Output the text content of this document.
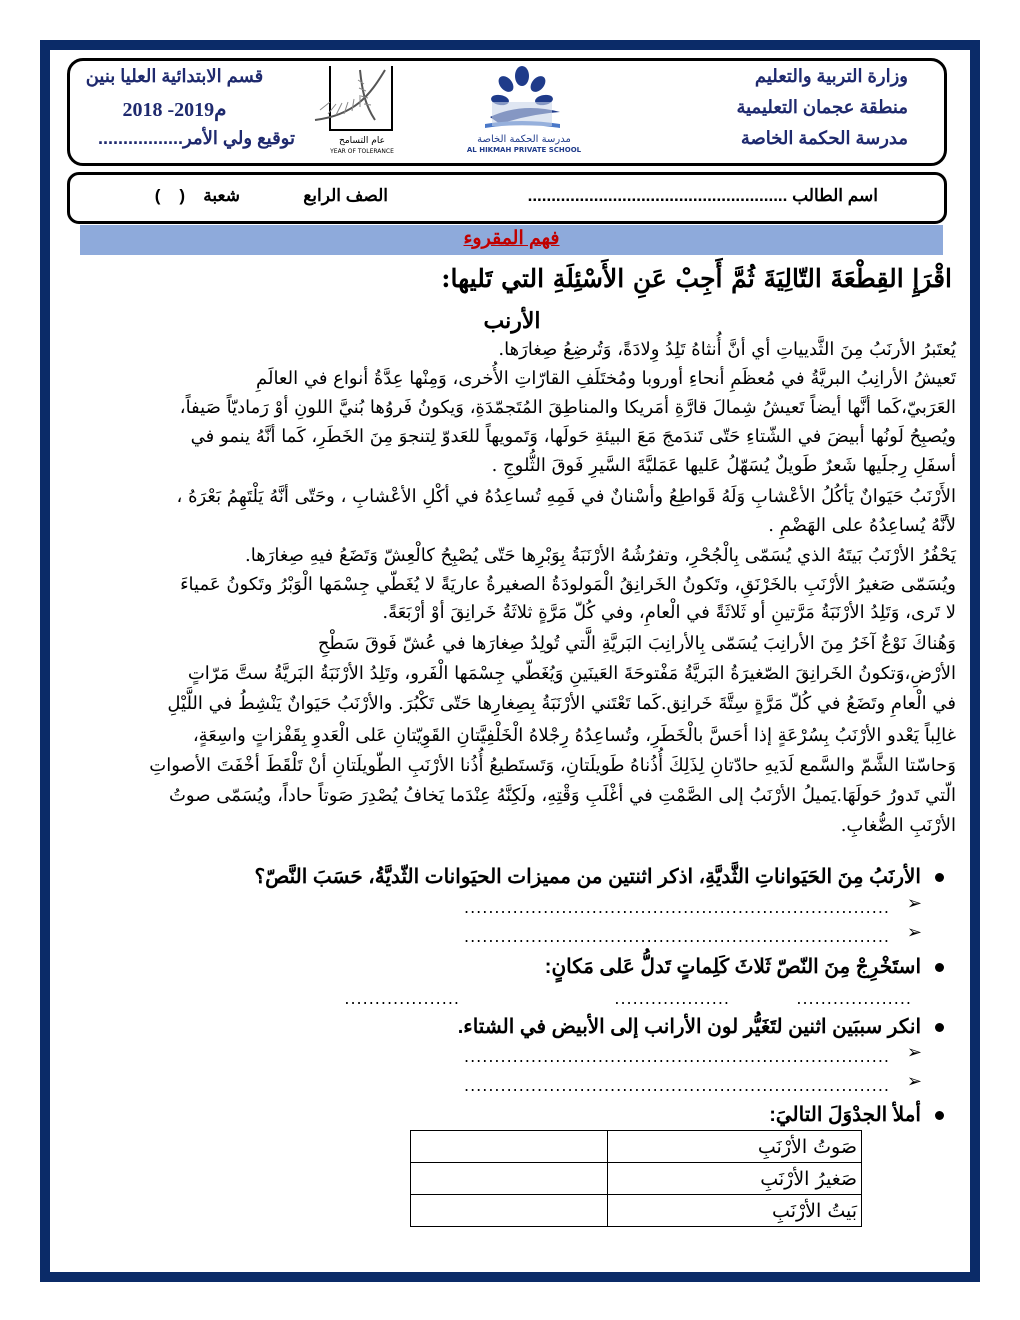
وزارة التربية والتعليم
منطقة عجمان التعليمية
مدرسة الحكمة الخاصة
قسم الابتدائية العليا بنين
2018 -2019م
توقيع ولي الأمر.................	عام التسامح
YEAR OF TOLERANCE
مدرسة الحكمة الخاصة
AL HIKMAH PRIVATE SCHOOL
اسم الطالب .......................................................
الصف الرابع
شعبة
(    )
فهم المقروء
اقْرَإِ القِطْعَةَ التّالِيَةَ ثُمَّ أَجِبْ عَنِ الأَسْئِلَةِ التي تَليها:
الأرنب
يُعتَبرُ الأرنَبُ مِنَ الثَّديياتِ أي أنَّ أُنثاهُ تَلِدُ وِلادَةً، وَتُرضِعُ صِغارَها.
تَعيشُ الأرانِبُ البريَّةُ في مُعظَمِ أنحاءِ أوروبا ومُختَلَفِ القارّاتِ الأُخرى، وَمِنْها عِدَّةُ أنواع في العالَمِ
العَرَبيّ،كَما أنَّها أيضاً تَعيشُ شِمالَ قارَّةِ أمَريكا والمناطِقَ المُتَجمّدَةِ، وَيكونُ فَروُها بُنيَّ اللونِ أوْ رَماديّاً صَيفاً،
ويُصبِحُ لَونُها أبيضَ في الشّتاءِ حَتّى تَندَمجَ مَعَ البيئةِ حَولَها، وَتَمويهاً للعَدوّ لِتنجوَ مِنَ الخَطَرِ، كَما أنَّهُ ينمو في
أسفَلِ رِجلَيها شَعرٌ طَويلٌ يُسَهّلُ عَليها عَمَليَّةَ السَّيرِ فَوقَ الثُّلوجِ .
الأَرْنَبُ حَيَوانٌ يَأكُلُ الأعْشابِ وَلَهُ قَواطِعُ وأسْنانٌ في فَمِهِ تُساعِدُهُ في أكْلِ الأعْشابِ ، وحَتّى أنَّهُ يَلْتَهِمُ بَعْرَهُ ،
لأنَّهُ يُساعِدُهُ على الهَضْمِ .
يَحْفُرُ الأرْنَبُ بَيتَهُ الذي يُسَمّى بِالْجُحْرِ، وتفرُشُهُ الأرْنَبَةُ بِوَبْرِها حَتّى يُصْبِحُ كالْعِشّ وَتَضَعُ فيهِ صِغارَها.
ويُسَمّى صَغيرُ الأرْنَبِ بالخَرْنَقِ، وتَكونُ الخَرانِقُ الْمَولودَةُ الصغيرةُ عاريَةً لا يُغَطّي جِسْمَها الْوَبْرُ وتَكونُ عَمياءَ
لا تَرى، وَتَلِدُ الأرْنَبَةُ مَرَّتينِ أو ثَلاثَةً في الْعامِ، وفي كُلّ مَرَّةٍ ثلاثَةُ خَرانِقَ أوْ أرْبَعَةً.
وَهُناكَ نَوْعٌ آخَرُ مِنَ الأرانِبَ يُسَمّى بِالأرانِبَ البَريَّةِ الَّتي تُولِدُ صِغارَها في عُشّ فَوقَ سَطْحِ
الأرْضِ،وَتكونُ الخَرانِقَ الصّغيرَةُ البَريَّةُ مَفْتوحَةَ العَينَينِ وَيُغَطّي جِسْمَها الْفَرو، وتَلِدُ الأرْنَبَةُ البَريَّةُ ستَّ مَرّاتٍ
في الْعامِ وتَضَعُ في كُلّ مَرَّةٍ سِتَّةَ خَرانِق.كَما تَعْتَني الأرْنَبَةُ بِصِغارِها حَتّى تَكْبُرَ. والأرْنَبُ حَيَوانٌ يَنْشِطُ في اللَّيْلِ
غالِباً يَعْدو الأرْنَبُ بِسُرْعَةٍ إذا أحَسَّ بالْخَطَرِ، وتُساعِدُهُ رِجْلاهُ الْخَلْفِيَّتانِ القَوِيّتانِ عَلى الْعَدوِ بِقَفْزاتٍ واسِعَةٍ،
وَحاسّتا الشَّمّ والسَّمع لَدَيهِ حادّتانِ لِذَلِكَ أُذُناهُ طَويلَتانِ، وَتَستَطيعُ أُذُنا الأرْنَبِ الطّويلَتانِ أنْ تَلْقَطَ أخْفَتَ الأصواتِ
الّتي تَدورُ حَولَهَا.يَميلُ الأرْنَبُ إلى الصَّمْتِ في أغْلَبِ وَقْتِهِ، ولَكِنَّهُ عِنْدَما يَخافُ يُصْدِرَ صَوتاً حاداً، ويُسَمّى صوتُ
الأرْنَبِ الضُّغابِ.
الأرنَبُ مِنَ الحَيَواناتِ الثَّديَّةِ، اذكر اثنتين من مميزات الحيَوانات الثّديَّةُ، حَسَبَ النَّصّ؟
➢
......................................................................
➢
......................................................................
استَخْرِجْ مِنَ النّصّ ثَلاثَ كَلِماتٍ تَدلُّ عَلى مَكانٍ:
...................
...................
...................
انكر سببَين اثنين لتَغَيُّر لون الأرانب إلى الأبيض في الشتاء.
➢
......................................................................
➢
......................................................................
أملأ الجدْوَلَ التاليَ:
صَوتُ الأرْنَبِ	
صَغيرُ الأرْنَبِ	
بَيتُ الأرْنَبِ	
